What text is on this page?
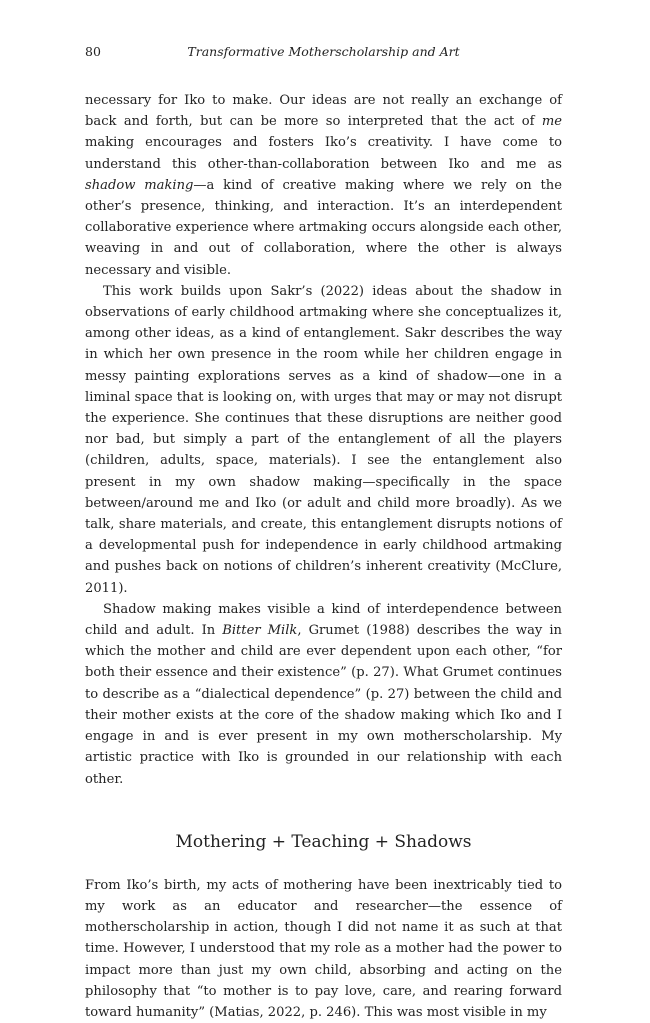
80	Transformative Motherscholarship and Art

necessary for Iko to make. Our ideas are not really an exchange of back and forth, but can be more so interpreted that the act of me making encourages and fosters Iko’s creativity. I have come to understand this other-than-collaboration between Iko and me as shadow making—a kind of creative making where we rely on the other’s presence, thinking, and interaction. It’s an interdependent collaborative experience where artmaking occurs alongside each other, weaving in and out of collaboration, where the other is always necessary and visible.

This work builds upon Sakr’s (2022) ideas about the shadow in observations of early childhood artmaking where she conceptualizes it, among other ideas, as a kind of entanglement. Sakr describes the way in which her own presence in the room while her children engage in messy painting explorations serves as a kind of shadow—one in a liminal space that is looking on, with urges that may or may not disrupt the experience. She continues that these disruptions are neither good nor bad, but simply a part of the entanglement of all the players (children, adults, space, materials). I see the entanglement also present in my own shadow making—specifically in the space between/around me and Iko (or adult and child more broadly). As we talk, share materials, and create, this entanglement disrupts notions of a developmental push for independence in early childhood artmaking and pushes back on notions of children’s inherent creativity (McClure, 2011).

Shadow making makes visible a kind of interdependence between child and adult. In Bitter Milk, Grumet (1988) describes the way in which the mother and child are ever dependent upon each other, “for both their essence and their existence” (p. 27). What Grumet continues to describe as a “dialectical dependence” (p. 27) between the child and their mother exists at the core of the shadow making which Iko and I engage in and is ever present in my own motherscholarship. My artistic practice with Iko is grounded in our relationship with each other.

Mothering + Teaching + Shadows

From Iko’s birth, my acts of mothering have been inextricably tied to my work as an educator and researcher—the essence of motherscholarship in action, though I did not name it as such at that time. However, I understood that my role as a mother had the power to impact more than just my own child, absorbing and acting on the philosophy that “to mother is to pay love, care, and rearing forward toward humanity” (Matias, 2022, p. 246). This was most visible in my
